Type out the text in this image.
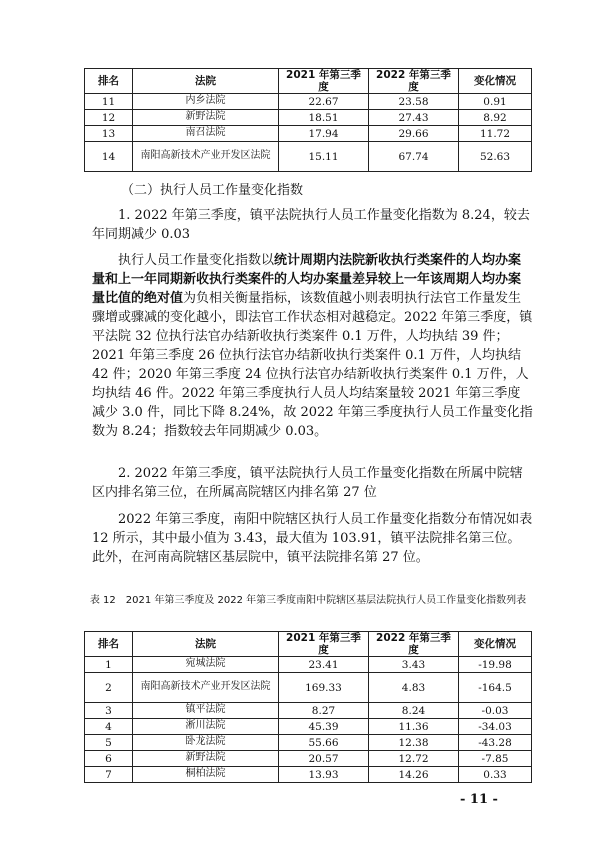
排名	法院	2021 年第三季度	2022 年第三季度	变化情况
11	内乡法院	22.67	23.58	0.91
12	新野法院	18.51	27.43	8.92
13	南召法院	17.94	29.66	11.72
14	南阳高新技术产业开发区法院	15.11	67.74	52.63
（二）执行人员工作量变化指数
1. 2022 年第三季度，镇平法院执行人员工作量变化指数为 8.24，较去年同期减少 0.03
执行人员工作量变化指数以统计周期内法院新收执行类案件的人均办案量和上一年同期新收执行类案件的人均办案量差异较上一年该周期人均办案量比值的绝对值为负相关衡量指标，该数值越小则表明执行法官工作量发生骤增或骤减的变化越小，即法官工作状态相对越稳定。2022 年第三季度，镇平法院 32 位执行法官办结新收执行类案件 0.1 万件，人均执结 39 件；2021 年第三季度 26 位执行法官办结新收执行类案件 0.1 万件，人均执结 42 件；2020 年第三季度 24 位执行法官办结新收执行类案件 0.1 万件，人均执结 46 件。2022 年第三季度执行人员人均结案量较 2021 年第三季度减少 3.0 件，同比下降 8.24%，故 2022 年第三季度执行人员工作量变化指数为 8.24；指数较去年同期减少 0.03。
2. 2022 年第三季度，镇平法院执行人员工作量变化指数在所属中院辖区内排名第三位，在所属高院辖区内排名第 27 位
2022 年第三季度，南阳中院辖区执行人员工作量变化指数分布情况如表 12 所示，其中最小值为 3.43，最大值为 103.91，镇平法院排名第三位。此外，在河南高院辖区基层院中，镇平法院排名第 27 位。
表 12　2021 年第三季度及 2022 年第三季度南阳中院辖区基层法院执行人员工作量变化指数列表
排名	法院	2021 年第三季度	2022 年第三季度	变化情况
1	宛城法院	23.41	3.43	-19.98
2	南阳高新技术产业开发区法院	169.33	4.83	-164.5
3	镇平法院	8.27	8.24	-0.03
4	淅川法院	45.39	11.36	-34.03
5	卧龙法院	55.66	12.38	-43.28
6	新野法院	20.57	12.72	-7.85
7	桐柏法院	13.93	14.26	0.33
- 11 -
